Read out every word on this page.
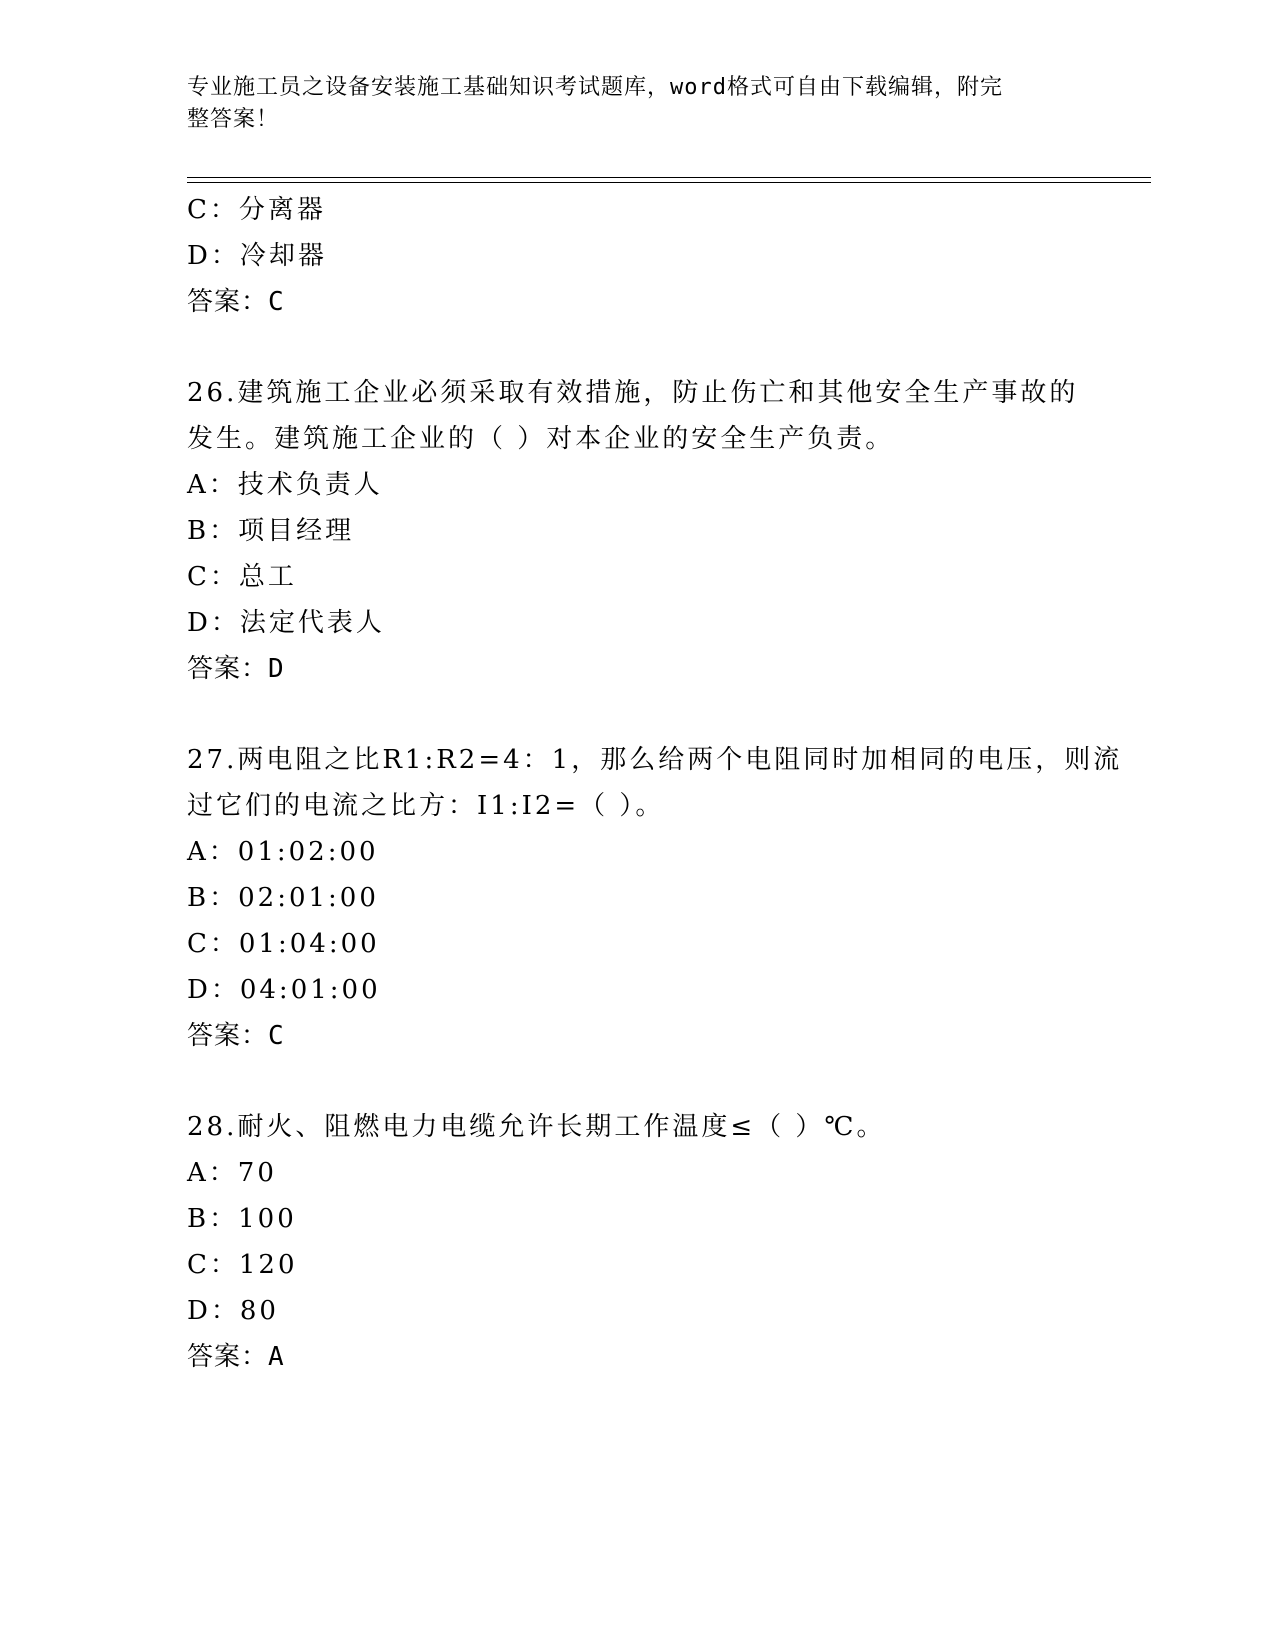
专业施工员之设备安装施工基础知识考试题库，word格式可自由下载编辑，附完
整答案！
C：分离器
D：冷却器
答案：C
26.建筑施工企业必须采取有效措施，防止伤亡和其他安全生产事故的
发生。建筑施工企业的（ ）对本企业的安全生产负责。
A：技术负责人
B：项目经理
C：总工
D：法定代表人
答案：D
27.两电阻之比R1:R2=4：1，那么给两个电阻同时加相同的电压，则流
过它们的电流之比方：I1:I2=（ ）。
A：01:02:00
B：02:01:00
C：01:04:00
D：04:01:00
答案：C
28.耐火、阻燃电力电缆允许长期工作温度≤（ ）℃。
A：70
B：100
C：120
D：80
答案：A
